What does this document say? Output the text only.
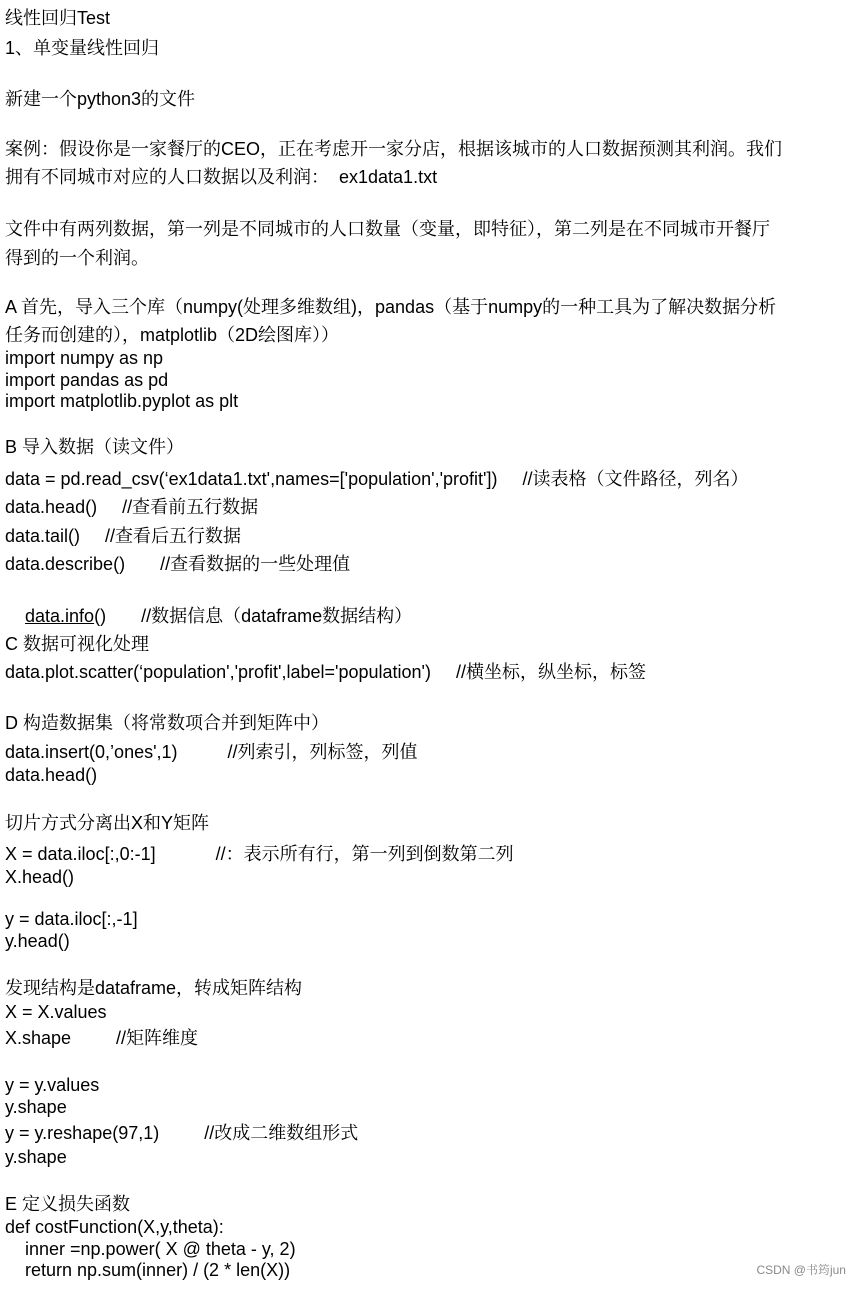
线性回归Test
1、单变量线性回归
新建一个python3的文件
案例：假设你是一家餐厅的CEO，正在考虑开一家分店，根据该城市的人口数据预测其利润。我们
拥有不同城市对应的人口数据以及利润：  ex1data1.txt
文件中有两列数据，第一列是不同城市的人口数量（变量，即特征），第二列是在不同城市开餐厅
得到的一个利润。
A 首先，导入三个库（numpy(处理多维数组)，pandas（基于numpy的一种工具为了解决数据分析
任务而创建的），matplotlib（2D绘图库））
import numpy as np
import pandas as pd
import matplotlib.pyplot as plt
B 导入数据（读文件）
data = pd.read_csv(‘ex1data1.txt',names=['population','profit'])     //读表格（文件路径，列名）
data.head()     //查看前五行数据
data.tail()     //查看后五行数据
data.describe()       //查看数据的一些处理值

data.info()       //数据信息（dataframe数据结构）

C 数据可视化处理
data.plot.scatter(‘population','profit',label='population')     //横坐标，纵坐标，标签
D 构造数据集（将常数项合并到矩阵中）
data.insert(0,’ones',1)          //列索引，列标签，列值
data.head()
切片方式分离出X和Y矩阵
X = data.iloc[:,0:-1]            //：表示所有行，第一列到倒数第二列
X.head()
y = data.iloc[:,-1]
y.head()
发现结构是dataframe，转成矩阵结构
X = X.values
X.shape         //矩阵维度
y = y.values
y.shape
y = y.reshape(97,1)         //改成二维数组形式
y.shape
E 定义损失函数
def costFunction(X,y,theta):
inner =np.power( X @ theta - y, 2)
return np.sum(inner) / (2 * len(X))	CSDN @书筠jun
